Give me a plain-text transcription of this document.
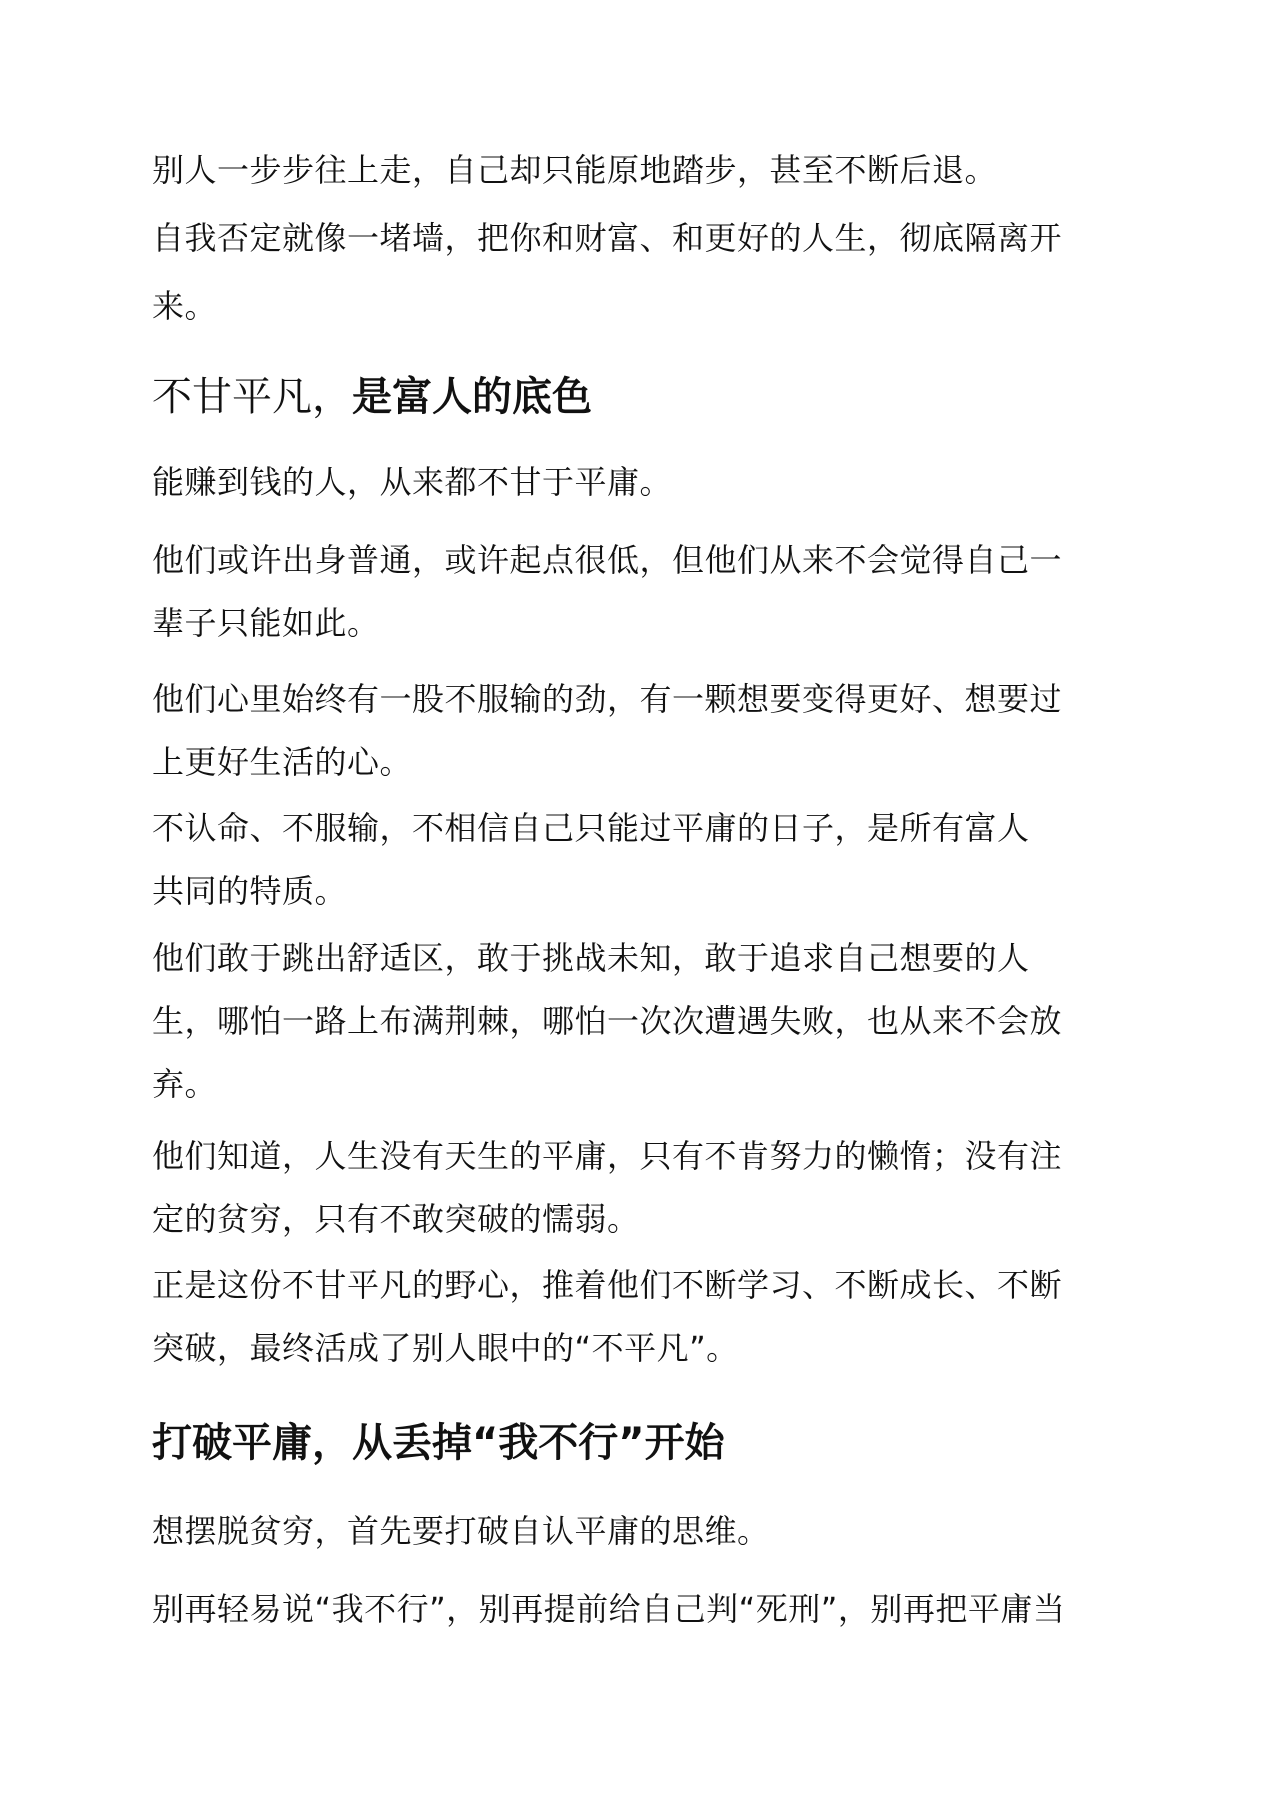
别人一步步往上走，自己却只能原地踏步，甚至不断后退。

自我否定就像一堵墙，把你和财富、和更好的人生，彻底隔离开

来。

不甘平凡，是富人的底色

能赚到钱的人，从来都不甘于平庸。

他们或许出身普通，或许起点很低，但他们从来不会觉得自己一

辈子只能如此。

他们心里始终有一股不服输的劲，有一颗想要变得更好、想要过

上更好生活的心。

不认命、不服输，不相信自己只能过平庸的日子，是所有富人

共同的特质。

他们敢于跳出舒适区，敢于挑战未知，敢于追求自己想要的人

生，哪怕一路上布满荆棘，哪怕一次次遭遇失败，也从来不会放

弃。

他们知道，人生没有天生的平庸，只有不肯努力的懒惰；没有注

定的贫穷，只有不敢突破的懦弱。

正是这份不甘平凡的野心，推着他们不断学习、不断成长、不断

突破，最终活成了别人眼中的“不平凡”。

打破平庸，从丢掉“我不行”开始

想摆脱贫穷，首先要打破自认平庸的思维。

别再轻易说“我不行”，别再提前给自己判“死刑”，别再把平庸当
